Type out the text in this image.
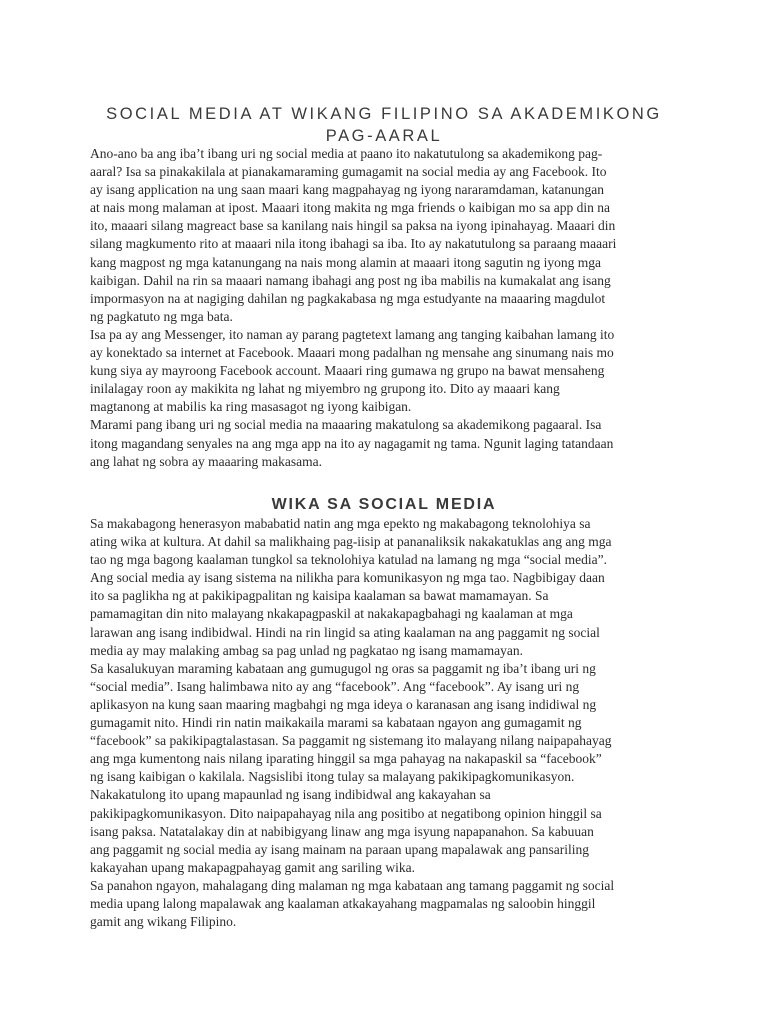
SOCIAL MEDIA AT WIKANG FILIPINO SA AKADEMIKONG
PAG-AARAL
Ano-ano ba ang iba’t ibang uri ng social media at paano ito nakatutulong sa akademikong pag-
aaral? Isa sa pinakakilala at pianakamaraming gumagamit na social media ay ang Facebook. Ito
ay isang application na ung saan maari kang magpahayag ng iyong nararamdaman, katanungan
at nais mong malaman at ipost. Maaari itong makita ng mga friends o kaibigan mo sa app din na
ito, maaari silang magreact base sa kanilang nais hingil sa paksa na iyong ipinahayag. Maaari din
silang magkumento rito at maaari nila itong ibahagi sa iba. Ito ay nakatutulong sa paraang maaari
kang magpost ng mga katanungang na nais mong alamin at maaari itong sagutin ng iyong mga
kaibigan. Dahil na rin sa maaari namang ibahagi ang post ng iba mabilis na kumakalat ang isang
impormasyon na at nagiging dahilan ng pagkakabasa ng mga estudyante na maaaring magdulot
ng pagkatuto ng mga bata.
Isa pa ay ang Messenger, ito naman ay parang pagtetext lamang ang tanging kaibahan lamang ito
ay konektado sa internet at Facebook. Maaari mong padalhan ng mensahe ang sinumang nais mo
kung siya ay mayroong Facebook account. Maaari ring gumawa ng grupo na bawat mensaheng
inilalagay roon ay makikita ng lahat ng miyembro ng grupong ito. Dito ay maaari kang
magtanong at mabilis ka ring masasagot ng iyong kaibigan.
Marami pang ibang uri ng social media na maaaring makatulong sa akademikong pagaaral. Isa
itong magandang senyales na ang mga app na ito ay nagagamit ng tama. Ngunit laging tatandaan
ang lahat ng sobra ay maaaring makasama.
WIKA SA SOCIAL MEDIA
Sa makabagong henerasyon mababatid natin ang mga epekto ng makabagong teknolohiya sa
ating wika at kultura. At dahil sa malikhaing pag-iisip at pananaliksik nakakatuklas ang ang mga
tao ng mga bagong kaalaman tungkol sa teknolohiya katulad na lamang ng mga “social media”.
Ang social media ay isang sistema na nilikha para komunikasyon ng mga tao. Nagbibigay daan
ito sa paglikha ng at pakikipagpalitan ng kaisipa kaalaman sa bawat mamamayan. Sa
pamamagitan din nito malayang nkakapagpaskil at nakakapagbahagi ng kaalaman at mga
larawan ang isang indibidwal. Hindi na rin lingid sa ating kaalaman na ang paggamit ng social
media ay may malaking ambag sa pag unlad ng pagkatao ng isang mamamayan.
Sa kasalukuyan maraming kabataan ang gumugugol ng oras sa paggamit ng iba’t ibang uri ng
“social media”. Isang halimbawa nito ay ang “facebook”. Ang “facebook”. Ay isang uri ng
aplikasyon na kung saan maaring magbahgi ng mga ideya o karanasan ang isang indidiwal ng
gumagamit nito. Hindi rin natin maikakaila marami sa kabataan ngayon ang gumagamit ng
“facebook” sa pakikipagtalastasan. Sa paggamit ng sistemang ito malayang nilang naipapahayag
ang mga kumentong nais nilang iparating hinggil sa mga pahayag na nakapaskil sa “facebook”
ng isang kaibigan o kakilala. Nagsislibi itong tulay sa malayang pakikipagkomunikasyon.
Nakakatulong ito upang mapaunlad ng isang indibidwal ang kakayahan sa
pakikipagkomunikasyon. Dito naipapahayag nila ang positibo at negatibong opinion hinggil sa
isang paksa. Natatalakay din at nabibigyang linaw ang mga isyung napapanahon. Sa kabuuan
ang paggamit ng social media ay isang mainam na paraan upang mapalawak ang pansariling
kakayahan upang makapagpahayag gamit ang sariling wika.
Sa panahon ngayon, mahalagang ding malaman ng mga kabataan ang tamang paggamit ng social
media upang lalong mapalawak ang kaalaman atkakayahang magpamalas ng saloobin hinggil
gamit ang wikang Filipino.
